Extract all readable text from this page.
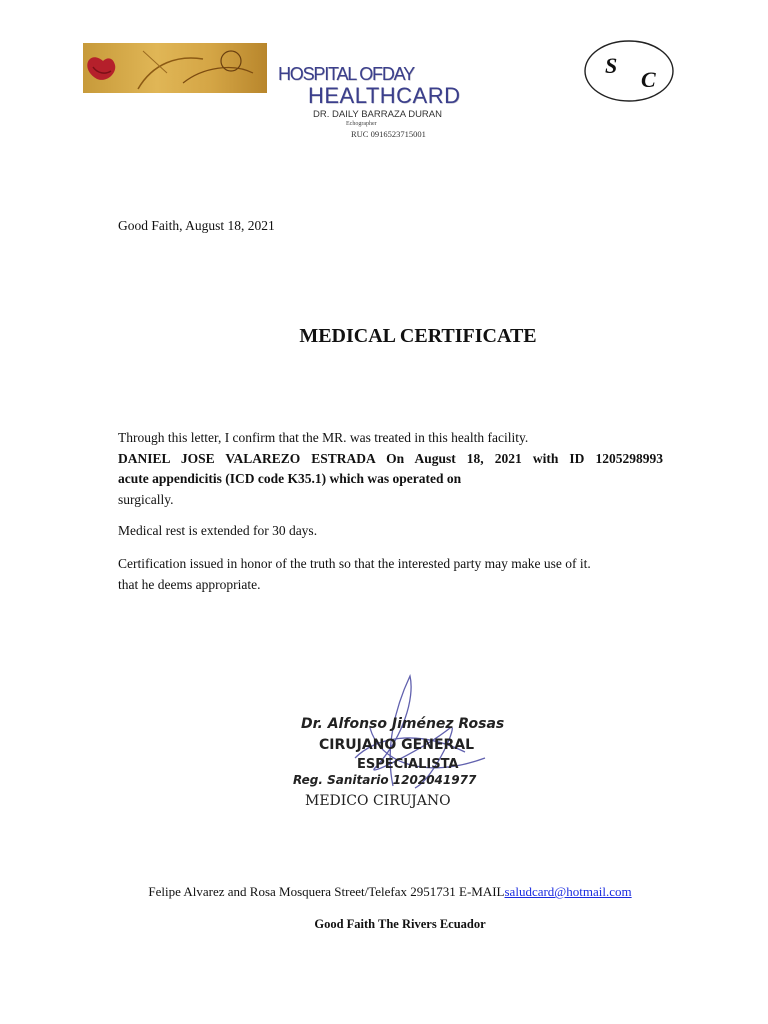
HOSPITAL OFDAY
HEALTHCARD
DR. DAILY BARRAZA DURAN
Echographer
RUC 0916523715001
S
C
Good Faith, August 18, 2021
MEDICAL CERTIFICATE
Through this letter, I confirm that the MR. was treated in this health facility.
DANIEL JOSE VALAREZO ESTRADA On August 18, 2021 with ID 1205298993
acute appendicitis (ICD code K35.1) which was operated on
surgically.
Medical rest is extended for 30 days.
Certification issued in honor of the truth so that the interested party may make use of it.
that he deems appropriate.
Dr. Alfonso Jiménez Rosas
CIRUJANO GENERAL
ESPECIALISTA
Reg. Sanitario 1202041977
MEDICO CIRUJANO
Felipe Alvarez and Rosa Mosquera Street/Telefax 2951731 E-MAILsaludcard@hotmail.com
Good Faith The Rivers Ecuador
